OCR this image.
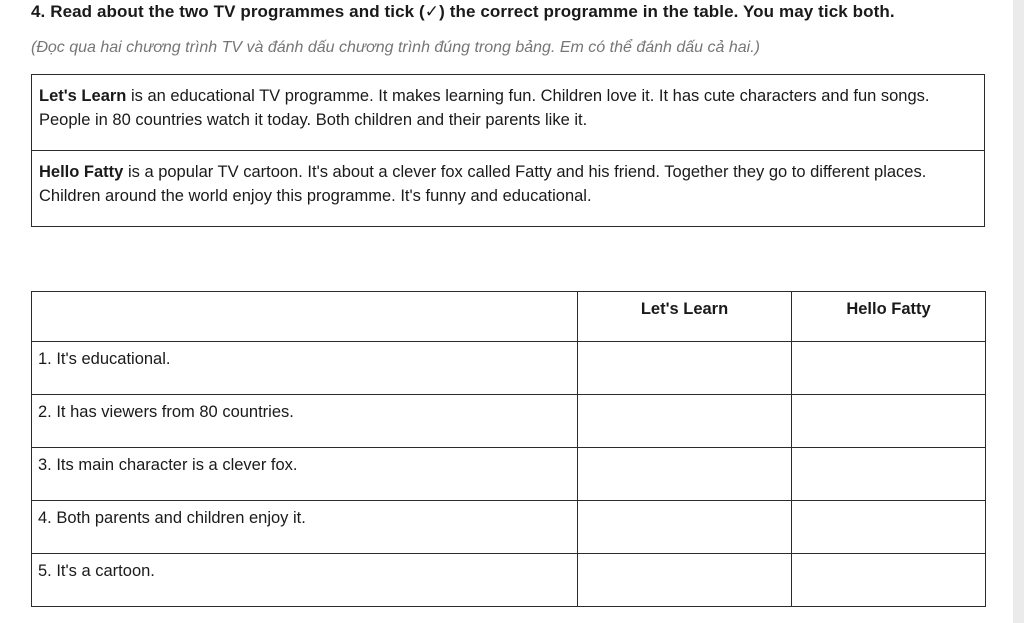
4. Read about the two TV programmes and tick (✓) the correct programme in the table. You may tick both.
(Đọc qua hai chương trình TV và đánh dấu chương trình đúng trong bảng. Em có thể đánh dấu cả hai.)
Let's Learn is an educational TV programme. It makes learning fun. Children love it. It has cute characters and fun songs. People in 80 countries watch it today. Both children and their parents like it.
Hello Fatty is a popular TV cartoon. It's about a clever fox called Fatty and his friend. Together they go to different places. Children around the world enjoy this programme. It's funny and educational.
	Let's Learn	Hello Fatty
1. It's educational.		
2. It has viewers from 80 countries.		
3. Its main character is a clever fox.		
4. Both parents and children enjoy it.		
5. It's a cartoon.		
